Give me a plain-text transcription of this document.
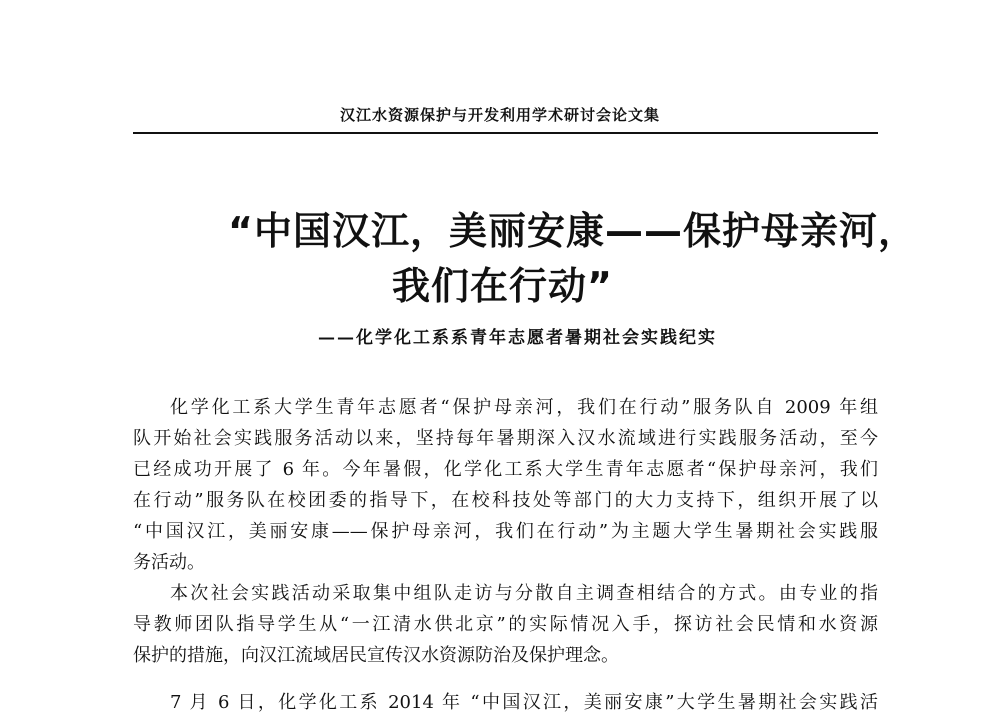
汉江水资源保护与开发利用学术研讨会论文集
“中国汉江，美丽安康——保护母亲河，
我们在行动”
——化学化工系系青年志愿者暑期社会实践纪实
化学化工系大学生青年志愿者“保护母亲河，我们在行动”服务队自 2009 年组
队开始社会实践服务活动以来，坚持每年暑期深入汉水流域进行实践服务活动，至今
已经成功开展了 6 年。今年暑假，化学化工系大学生青年志愿者“保护母亲河，我们
在行动”服务队在校团委的指导下，在校科技处等部门的大力支持下，组织开展了以
“中国汉江，美丽安康——保护母亲河，我们在行动”为主题大学生暑期社会实践服
务活动。
本次社会实践活动采取集中组队走访与分散自主调查相结合的方式。由专业的指
导教师团队指导学生从“一江清水供北京”的实际情况入手，探访社会民情和水资源
保护的措施，向汉江流域居民宣传汉水资源防治及保护理念。
7 月 6 日，化学化工系 2014 年 “中国汉江，美丽安康”大学生暑期社会实践活
